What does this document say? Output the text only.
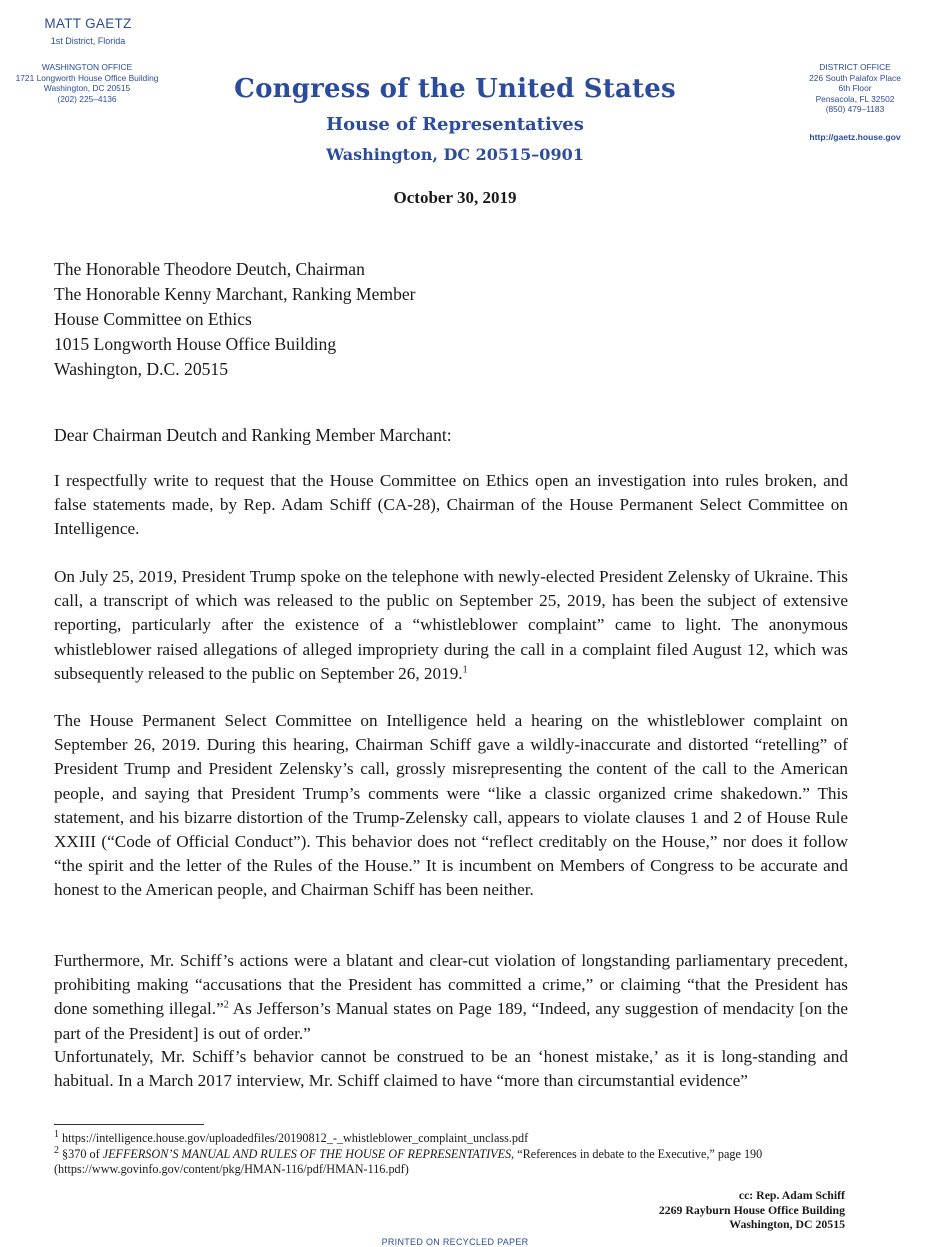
MATT GAETZ
1st District, Florida
WASHINGTON OFFICE
1721 Longworth House Office Building
Washington, DC 20515
(202) 225–4136
DISTRICT OFFICE
226 South Palafox Place
6th Floor
Pensacola, FL 32502
(850) 479–1183
http://gaetz.house.gov
Congress of the United States
House of Representatives
Washington, DC 20515–0901
October 30, 2019
The Honorable Theodore Deutch, Chairman
The Honorable Kenny Marchant, Ranking Member
House Committee on Ethics
1015 Longworth House Office Building
Washington, D.C. 20515
Dear Chairman Deutch and Ranking Member Marchant:

I respectfully write to request that the House Committee on Ethics open an investigation into rules broken, and false statements made, by Rep. Adam Schiff (CA-28), Chairman of the House Permanent Select Committee on Intelligence.

On July 25, 2019, President Trump spoke on the telephone with newly-elected President Zelensky of Ukraine. This call, a transcript of which was released to the public on September 25, 2019, has been the subject of extensive reporting, particularly after the existence of a “whistleblower complaint” came to light. The anonymous whistleblower raised allegations of alleged impropriety during the call in a complaint filed August 12, which was subsequently released to the public on September 26, 2019.$^1$

The House Permanent Select Committee on Intelligence held a hearing on the whistleblower complaint on September 26, 2019. During this hearing, Chairman Schiff gave a wildly-inaccurate and distorted “retelling” of President Trump and President Zelensky’s call, grossly misrepresenting the content of the call to the American people, and saying that President Trump’s comments were “like a classic organized crime shakedown.” This statement, and his bizarre distortion of the Trump-Zelensky call, appears to violate clauses 1 and 2 of House Rule XXIII (“Code of Official Conduct”). This behavior does not “reflect creditably on the House,” nor does it follow “the spirit and the letter of the Rules of the House.” It is incumbent on Members of Congress to be accurate and honest to the American people, and Chairman Schiff has been neither.

Furthermore, Mr. Schiff’s actions were a blatant and clear-cut violation of longstanding parliamentary precedent, prohibiting making “accusations that the President has committed a crime,” or claiming “that the President has done something illegal.”$^2$ As Jefferson’s Manual states on Page 189, “Indeed, any suggestion of mendacity [on the part of the President] is out of order.”

Unfortunately, Mr. Schiff’s behavior cannot be construed to be an ‘honest mistake,’ as it is long-standing and habitual. In a March 2017 interview, Mr. Schiff claimed to have “more than circumstantial evidence”

$^1$ https://intelligence.house.gov/uploadedfiles/20190812_-_whistleblower_complaint_unclass.pdf
$^2$ §370 of JEFFERSON’S MANUAL AND RULES OF THE HOUSE OF REPRESENTATIVES, “References in debate to the Executive,” page 190 (https://www.govinfo.gov/content/pkg/HMAN-116/pdf/HMAN-116.pdf)
cc: Rep. Adam Schiff
2269 Rayburn House Office Building
Washington, DC 20515
PRINTED ON RECYCLED PAPER
